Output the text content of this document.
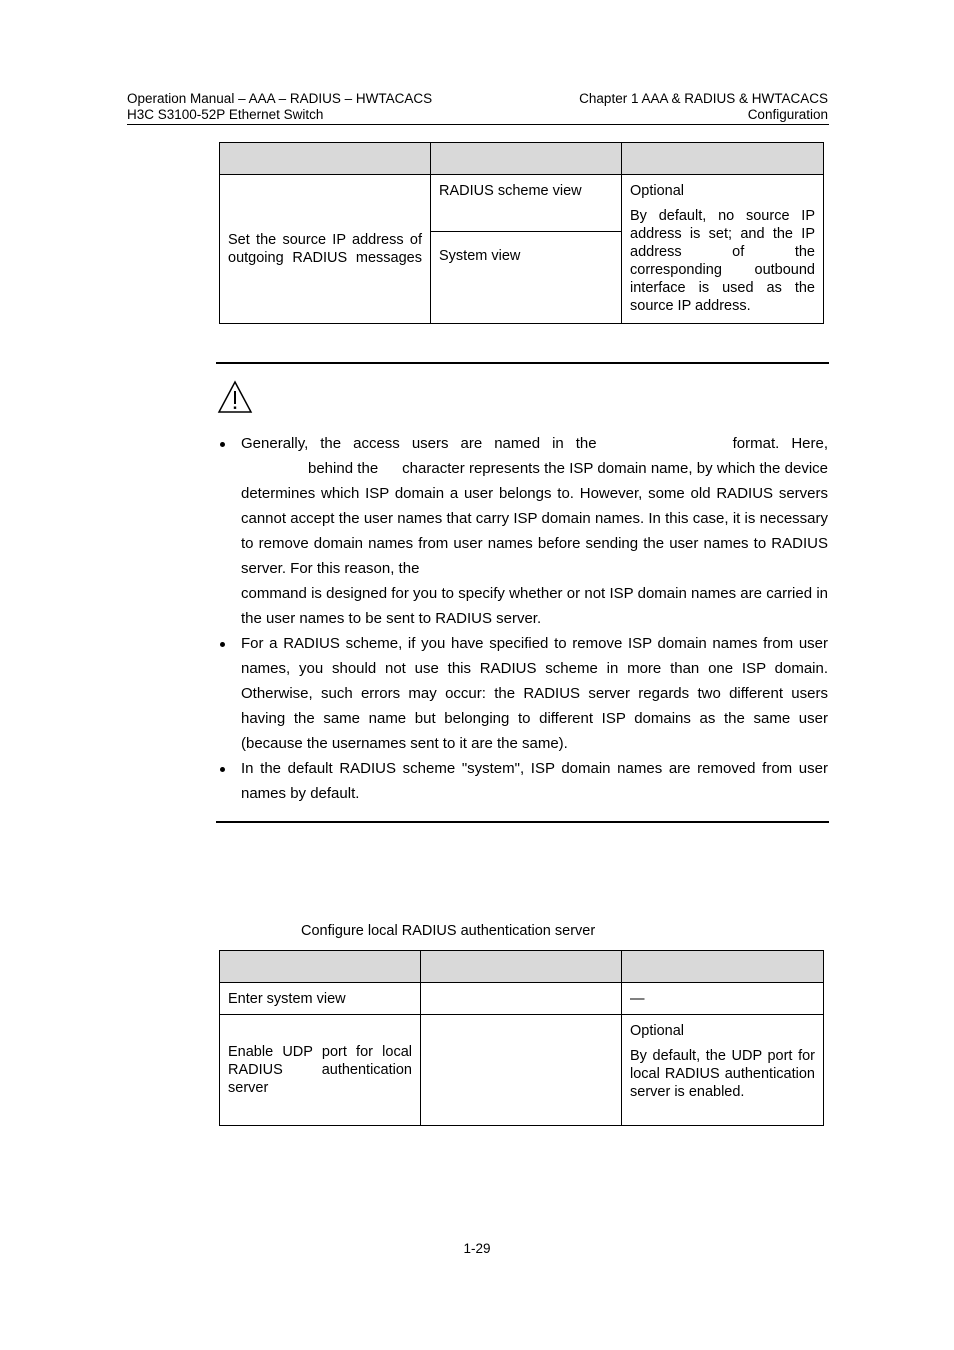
Operation Manual – AAA – RADIUS – HWTACACS
H3C S3100-52P Ethernet Switch
Chapter 1 AAA & RADIUS & HWTACACS
Configuration

Set the source IP address of outgoing RADIUS messages	RADIUS scheme view	Optional
By default, no source IP address is set; and the IP address of the corresponding outbound interface is used as the source IP address.

	System view	
Generally, the access users are named in the	format. Here,
behind the character represents the ISP domain name, by which the device determines which ISP domain a user belongs to. However, some old RADIUS servers cannot accept the user names that carry ISP domain names. In this case, it is necessary to remove domain names from user names before sending the user names to RADIUS server. For this reason, the
command is designed for you to specify whether or not ISP domain names are carried in the user names to be sent to RADIUS server.
For a RADIUS scheme, if you have specified to remove ISP domain names from user names, you should not use this RADIUS scheme in more than one ISP domain. Otherwise, such errors may occur: the RADIUS server regards two different users having the same name but belonging to different ISP domains as the same user (because the usernames sent to it are the same).
In the default RADIUS scheme "system", ISP domain names are removed from user names by default.
Configure local RADIUS authentication server

Enter system view		—
Enable UDP port for local RADIUS authentication server		Optional
By default, the UDP port for local RADIUS authentication server is enabled.
1-29
